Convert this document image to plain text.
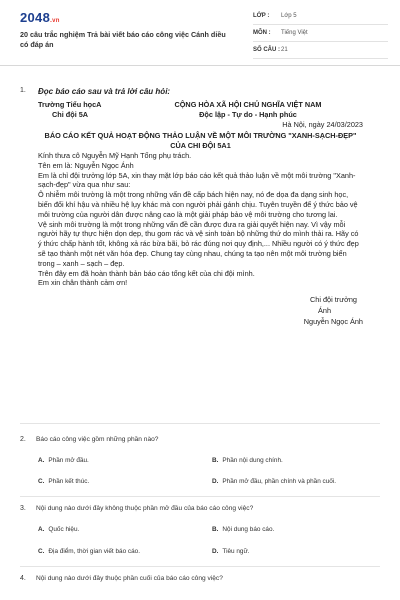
2048.vn
20 câu trắc nghiệm Trả bài viết báo cáo công việc Cánh diều có đáp án
LỚP :	Lớp 5
MÔN :	Tiếng Việt
SỐ CÂU : 21
1. Đọc báo cáo sau và trả lời câu hỏi:
Trường Tiểu họcA	CỘNG HÒA XÃ HỘI CHỦ NGHĨA VIỆT NAM
Chi đội 5A	Độc lập - Tự do - Hạnh phúc
Hà Nội, ngày 24/03/2023
BÁO CÁO KẾT QUẢ HOẠT ĐỘNG THẢO LUẬN VỀ MỘT MÔI TRƯỜNG "XANH-SẠCH-ĐẸP" CỦA CHI ĐỘI 5A1

Kính thưa cô Nguyễn Mỹ Hạnh Tổng phụ trách.

Tên em là: Nguyễn Ngọc Ánh

Em là chỉ đội trưởng lớp 5A, xin thay mặt lớp báo cáo kết quả thảo luận về một môi trường "Xanh-sạch-đẹp" vừa qua như sau:

Ô nhiễm môi trường là một trong những vấn đề cấp bách hiện nay, nó đe dọa đa dạng sinh học, biến đổi khí hậu và nhiều hệ lụy khác mà con người phải gánh chịu. Tuyên truyền để ý thức bảo vệ môi trường của người dân được nâng cao là một giải pháp bảo vệ môi trường cho tương lai.

Vệ sinh môi trường là một trong những vấn đề cần được đưa ra giải quyết hiện nay. Vì vậy mỗi người hãy tự thực hiện dọn dẹp, thu gom rác và vệ sinh toàn bộ những thứ do mình thải ra. Hãy có ý thức chấp hành tốt, không xả rác bừa bãi, bỏ rác đúng nơi quy định,... Nhiều người có ý thức đẹp sẽ tạo thành một nét văn hóa đẹp. Chung tay cùng nhau, chúng ta tạo nên một môi trường biển trong – xanh – sạch – đẹp.

Trên đây em đã hoàn thành bản báo cáo tổng kết của chi đội mình.

Em xin chân thành cảm ơn!

Chi đội trưởng
Ánh
Nguyễn Ngọc Ánh
2. Báo cáo công việc gồm những phần nào?
A. Phần mở đầu.	B. Phần nội dung chính.
C. Phần kết thúc.	D. Phần mở đầu, phần chính và phần cuối.
3. Nội dung nào dưới đây không thuộc phần mở đầu của báo cáo công việc?
A. Quốc hiệu.	B. Nội dung báo cáo.
C. Địa điểm, thời gian viết báo cáo.	D. Tiêu ngữ.
4. Nội dung nào dưới đây thuộc phần cuối của báo cáo công việc?
